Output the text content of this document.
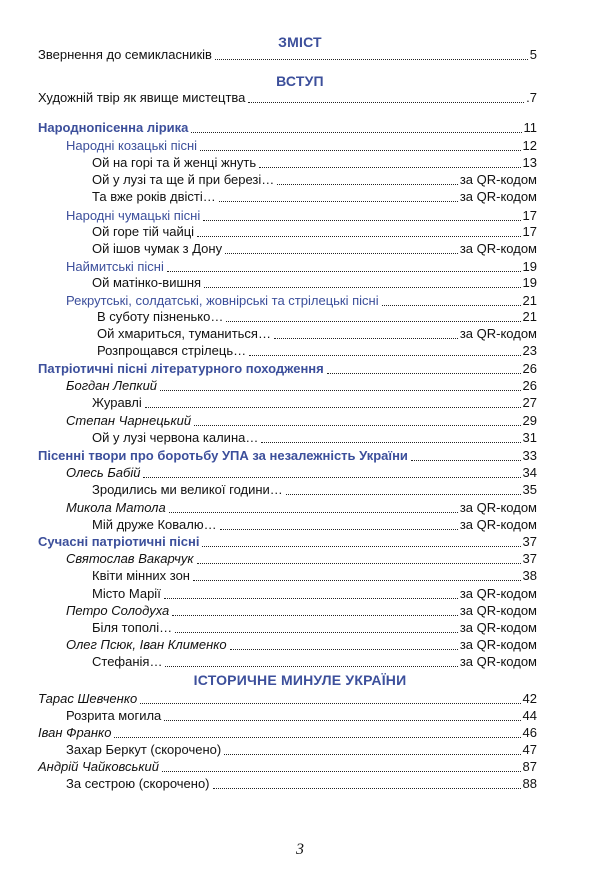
ЗМІСТ
Звернення до семикласників	5
ВСТУП
Художній твір як явище мистецтва	.7
Народнопісенна лірика	11
Народні козацькі пісні	12
Ой на горі та й женці жнуть	13
Ой у лузі та ще й при березі…	за QR-кодом
Та вже років двісті…	за QR-кодом
Народні чумацькі пісні	17
Ой горе тій чайці	17
Ой ішов чумак з Дону	за QR-кодом
Наймитські пісні	19
Ой матінко-вишня	19
Рекрутські, солдатські, жовнірські та стрілецькі пісні	21
В суботу пізненько…	21
Ой хмариться, туманиться…	за QR-кодом
Розпрощався стрілець…	23
Патріотичні пісні літературного походження	26
Богдан Лепкий	26
Журавлі	27
Степан Чарнецький	29
Ой у лузі червона калина…	31
Пісенні твори про боротьбу УПА за незалежність України	33
Олесь Бабій	34
Зродились ми великої години…	35
Микола Матола	за QR-кодом
Мій друже Ковалю…	за QR-кодом
Сучасні патріотичні пісні	37
Святослав Вакарчук	37
Квіти мінних зон	38
Місто Марії	за QR-кодом
Петро Солодуха	за QR-кодом
Біля тополі…	за QR-кодом
Олег Псюк, Іван Клименко	за QR-кодом
Стефанія…	за QR-кодом
ІСТОРИЧНЕ МИНУЛЕ УКРАЇНИ
Тарас Шевченко	42
Розрита могила	44
Іван Франко	46
Захар Беркут (скорочено)	47
Андрій Чайковський	87
За сестрою (скорочено)	88
3
